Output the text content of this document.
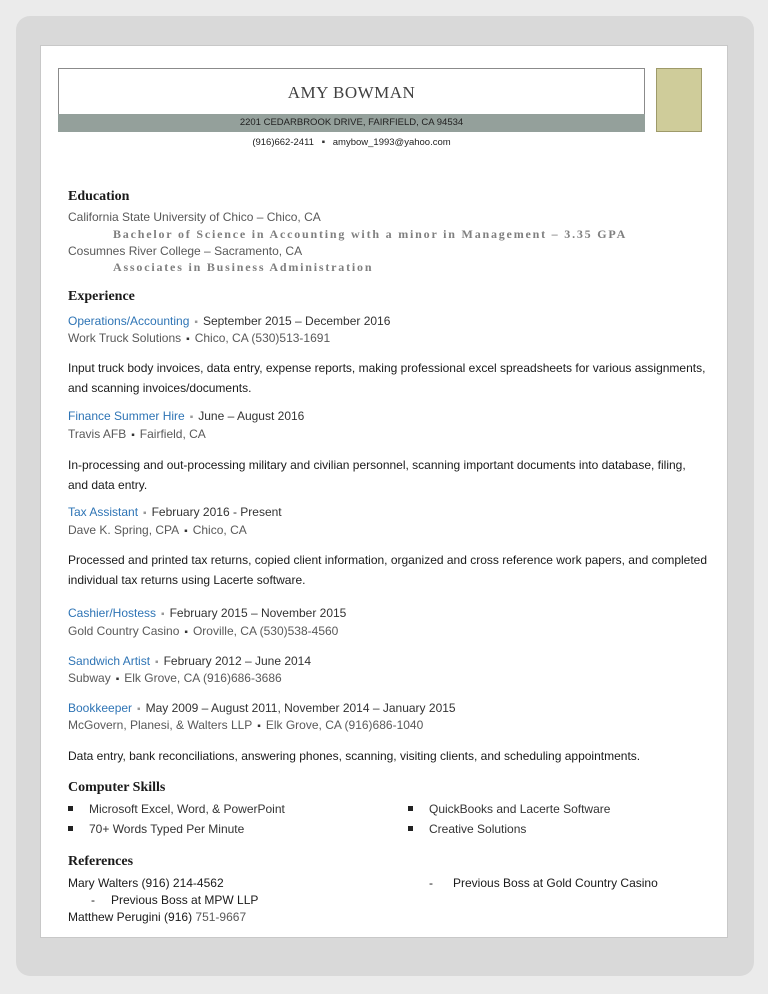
AMY BOWMAN
2201 CEDARBROOK DRIVE, FAIRFIELD, CA 94534
(916)662-2411 ▪ amybow_1993@yahoo.com
Education
California State University of Chico – Chico, CA
Bachelor of Science in Accounting with a minor in Management – 3.35 GPA
Cosumnes River College – Sacramento, CA
Associates in Business Administration
Experience
Operations/Accounting ▪ September 2015 – December 2016
Work Truck Solutions ▪ Chico, CA (530)513-1691
Input truck body invoices, data entry, expense reports, making professional excel spreadsheets for various assignments, and scanning invoices/documents.
Finance Summer Hire ▪ June – August 2016
Travis AFB ▪ Fairfield, CA
In-processing and out-processing military and civilian personnel, scanning important documents into database, filing, and data entry.
Tax Assistant ▪ February 2016 - Present
Dave K. Spring, CPA ▪ Chico, CA
Processed and printed tax returns, copied client information, organized and cross reference work papers, and completed individual tax returns using Lacerte software.
Cashier/Hostess ▪ February 2015 – November 2015
Gold Country Casino ▪ Oroville, CA (530)538-4560
Sandwich Artist ▪ February 2012 – June 2014
Subway ▪ Elk Grove, CA (916)686-3686
Bookkeeper ▪ May 2009 – August 2011, November 2014 – January 2015
McGovern, Planesi, & Walters LLP ▪ Elk Grove, CA (916)686-1040
Data entry, bank reconciliations, answering phones, scanning, visiting clients, and scheduling appointments.
Computer Skills
Microsoft Excel, Word, & PowerPoint	QuickBooks and Lacerte Software
70+ Words Typed Per Minute	Creative Solutions
References
Mary Walters (916) 214-4562	- Previous Boss at Gold Country Casino
- Previous Boss at MPW LLP
Matthew Perugini (916) 751-9667
